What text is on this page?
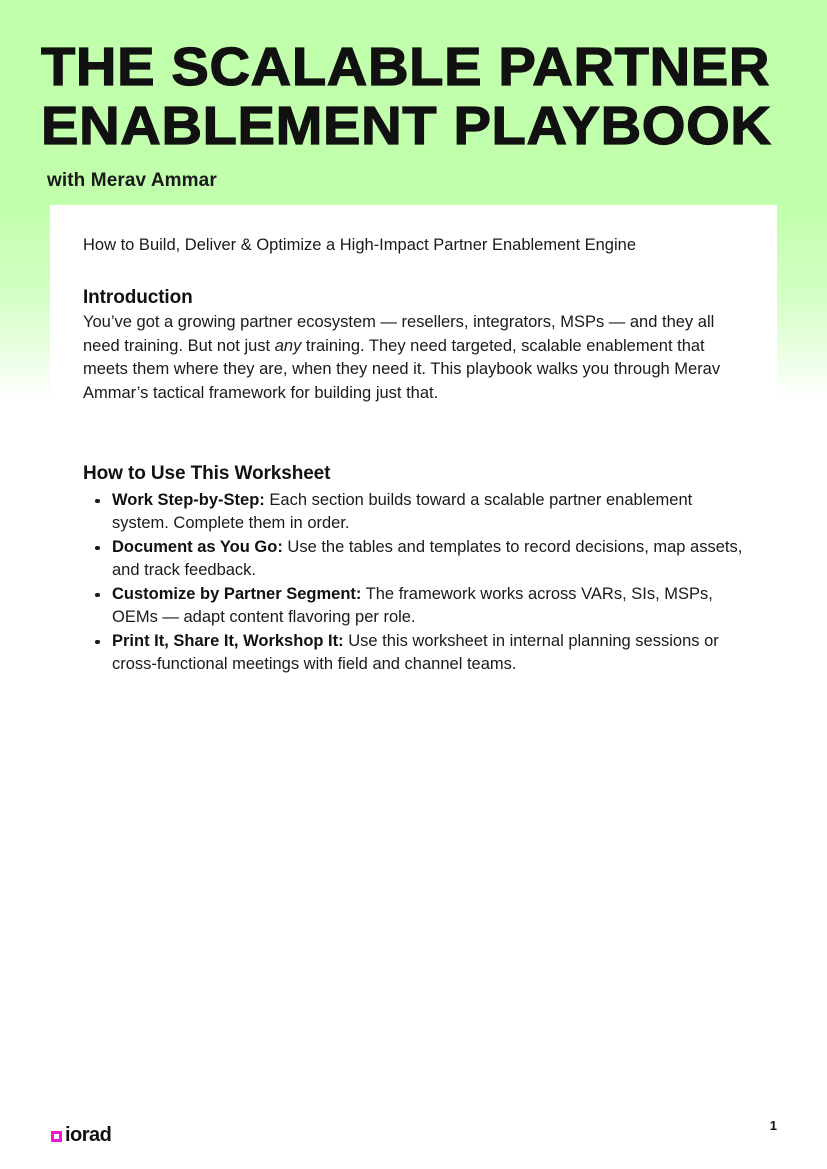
THE SCALABLE PARTNER ENABLEMENT PLAYBOOK
with Merav Ammar

How to Build, Deliver & Optimize a High-Impact Partner Enablement Engine

Introduction

You’ve got a growing partner ecosystem — resellers, integrators, MSPs — and they all need training. But not just any training. They need targeted, scalable enablement that meets them where they are, when they need it. This playbook walks you through Merav Ammar’s tactical framework for building just that.

How to Use This Worksheet
Work Step-by-Step: Each section builds toward a scalable partner enablement system. Complete them in order.
Document as You Go: Use the tables and templates to record decisions, map assets, and track feedback.
Customize by Partner Segment: The framework works across VARs, SIs, MSPs, OEMs — adapt content flavoring per role.
Print It, Share It, Workshop It: Use this worksheet in internal planning sessions or cross-functional meetings with field and channel teams.
iorad	1
